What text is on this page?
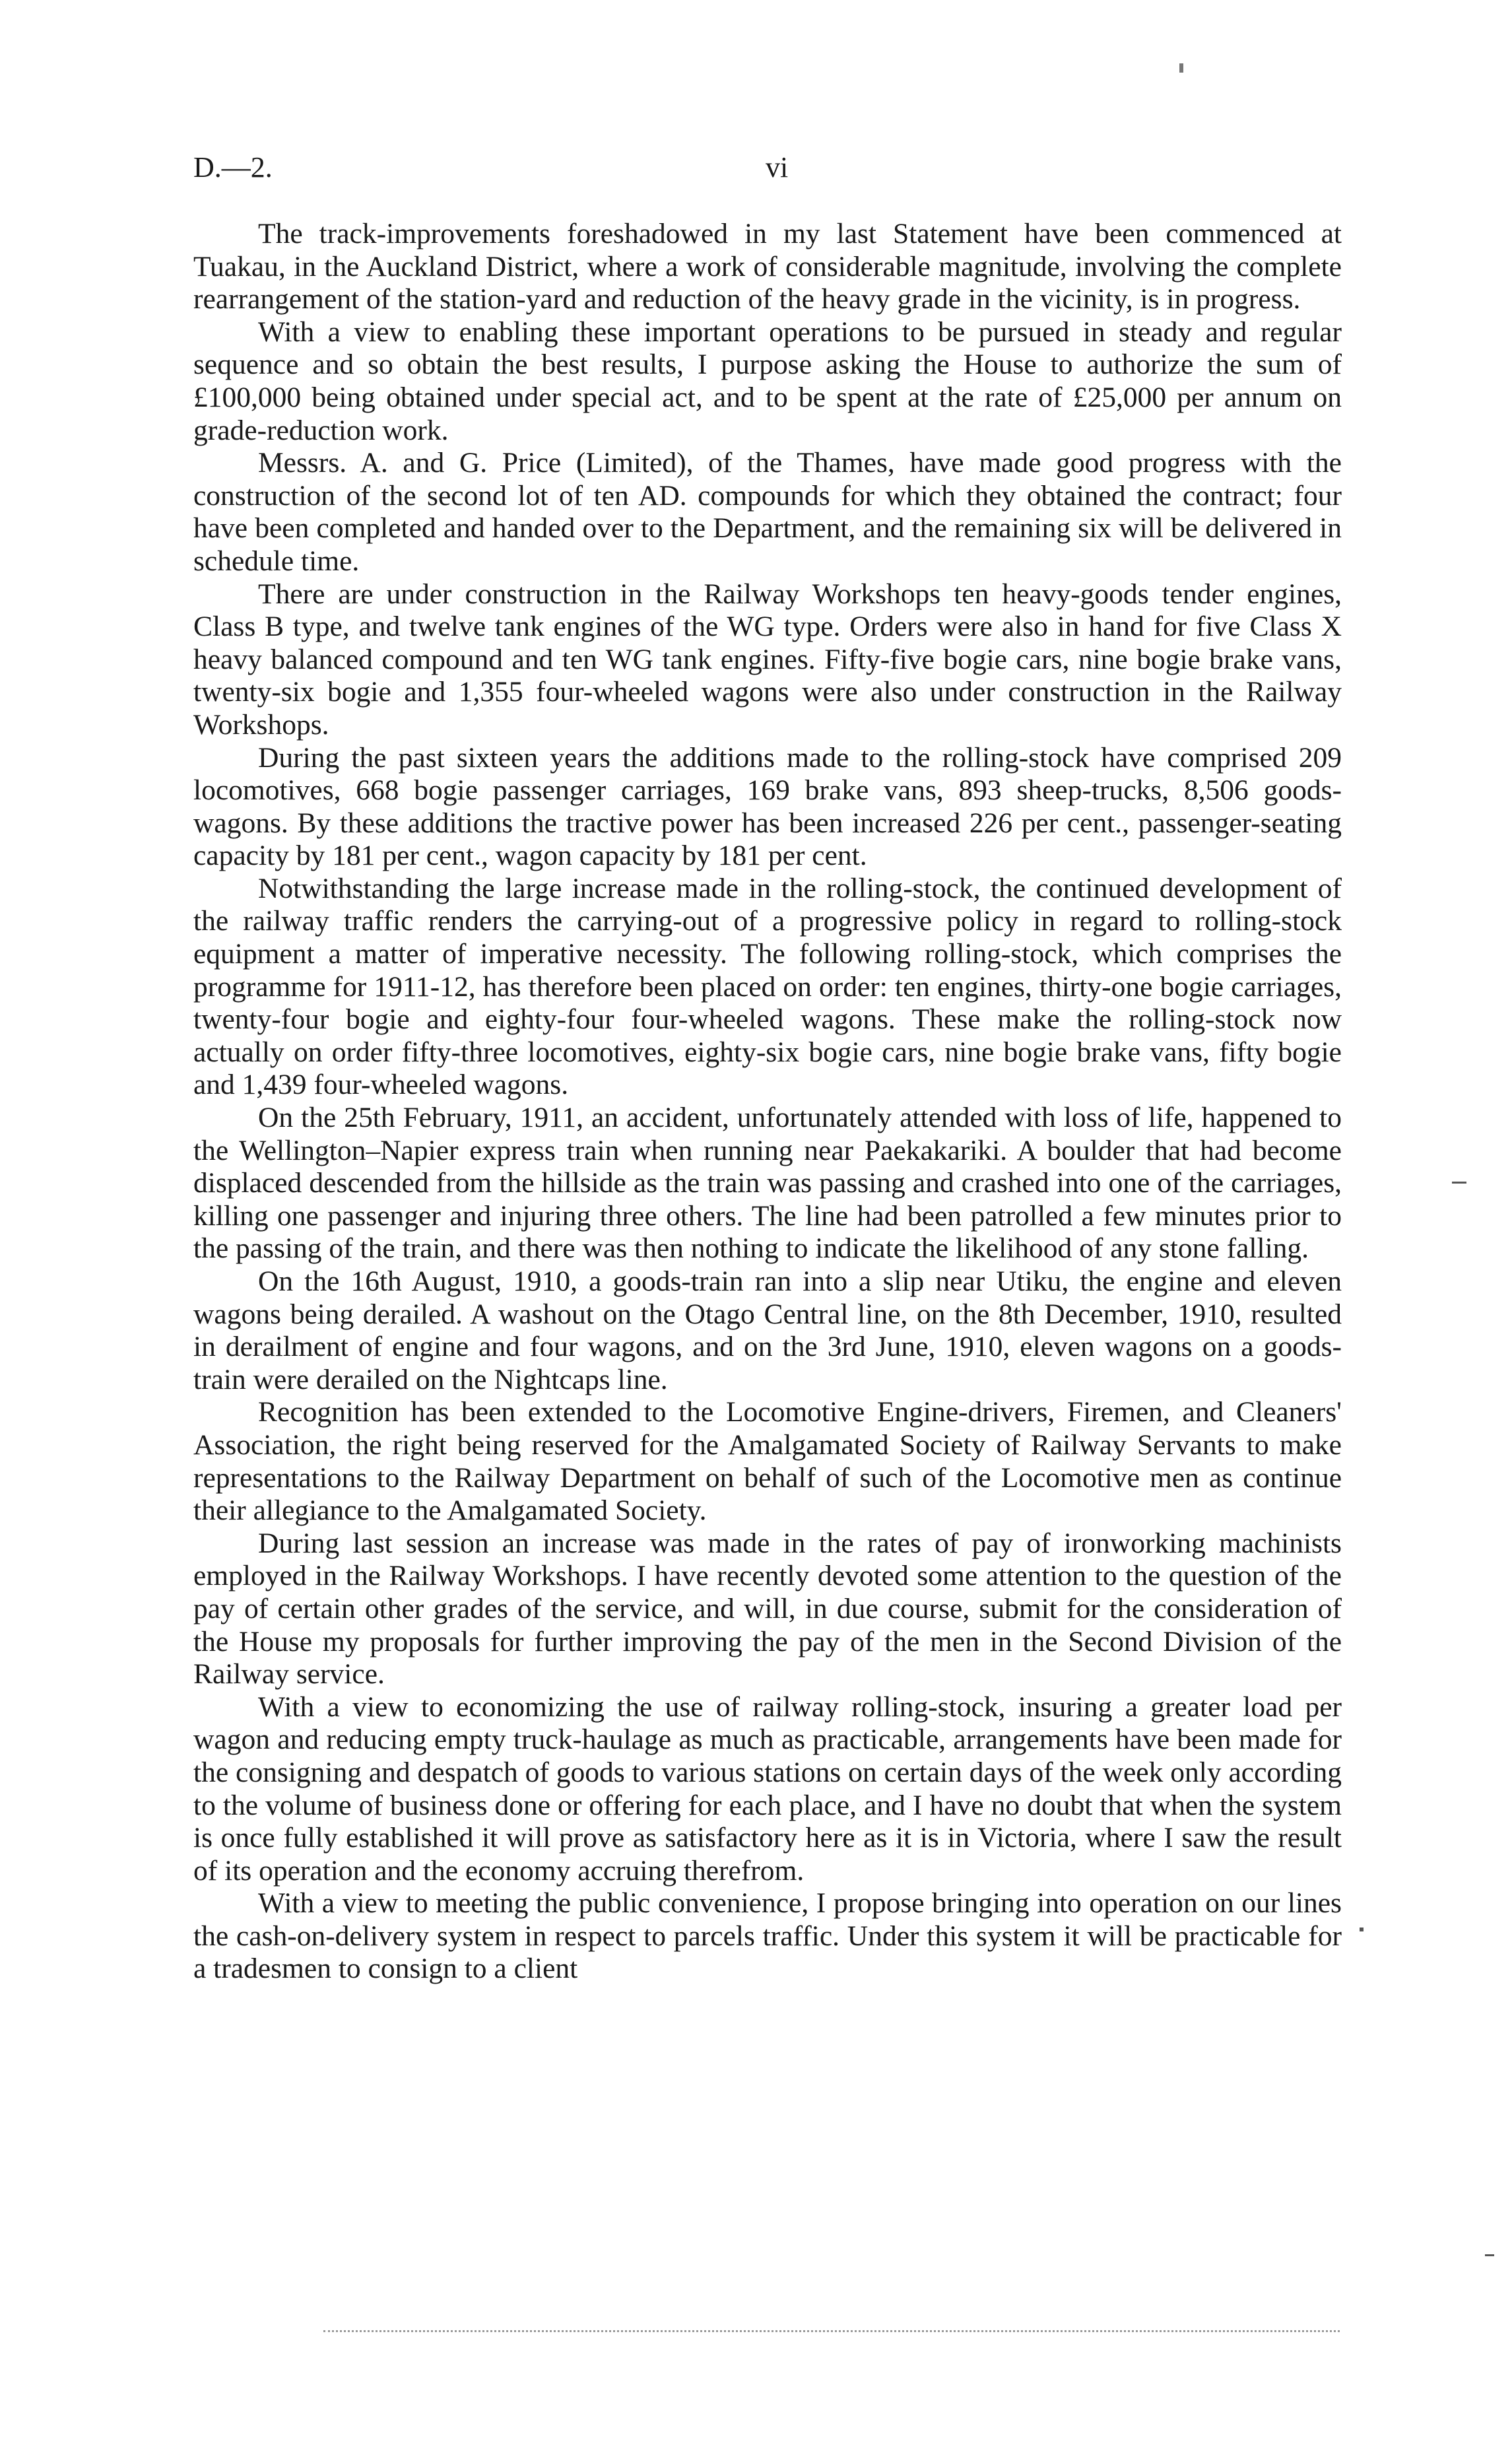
D.—2.	vi

The track-improvements foreshadowed in my last Statement have been commenced at Tuakau, in the Auckland District, where a work of considerable magnitude, involving the complete rearrangement of the station-yard and reduction of the heavy grade in the vicinity, is in progress.

With a view to enabling these important operations to be pursued in steady and regular sequence and so obtain the best results, I purpose asking the House to authorize the sum of £100,000 being obtained under special act, and to be spent at the rate of £25,000 per annum on grade-reduction work.

Messrs. A. and G. Price (Limited), of the Thames, have made good progress with the construction of the second lot of ten AD. compounds for which they obtained the contract; four have been completed and handed over to the Department, and the remaining six will be delivered in schedule time.

There are under construction in the Railway Workshops ten heavy-goods tender engines, Class B type, and twelve tank engines of the WG type. Orders were also in hand for five Class X heavy balanced compound and ten WG tank engines. Fifty-five bogie cars, nine bogie brake vans, twenty-six bogie and 1,355 four-wheeled wagons were also under construction in the Railway Workshops.

During the past sixteen years the additions made to the rolling-stock have comprised 209 locomotives, 668 bogie passenger carriages, 169 brake vans, 893 sheep-trucks, 8,506 goods-wagons. By these additions the tractive power has been increased 226 per cent., passenger-seating capacity by 181 per cent., wagon capacity by 181 per cent.

Notwithstanding the large increase made in the rolling-stock, the continued development of the railway traffic renders the carrying-out of a progressive policy in regard to rolling-stock equipment a matter of imperative necessity. The following rolling-stock, which comprises the programme for 1911-12, has therefore been placed on order: ten engines, thirty-one bogie carriages, twenty-four bogie and eighty-four four-wheeled wagons. These make the rolling-stock now actually on order fifty-three locomotives, eighty-six bogie cars, nine bogie brake vans, fifty bogie and 1,439 four-wheeled wagons.

On the 25th February, 1911, an accident, unfortunately attended with loss of life, happened to the Wellington–Napier express train when running near Paekakariki. A boulder that had become displaced descended from the hillside as the train was passing and crashed into one of the carriages, killing one passenger and injuring three others. The line had been patrolled a few minutes prior to the passing of the train, and there was then nothing to indicate the likelihood of any stone falling.

On the 16th August, 1910, a goods-train ran into a slip near Utiku, the engine and eleven wagons being derailed. A washout on the Otago Central line, on the 8th December, 1910, resulted in derailment of engine and four wagons, and on the 3rd June, 1910, eleven wagons on a goods-train were derailed on the Nightcaps line.

Recognition has been extended to the Locomotive Engine-drivers, Firemen, and Cleaners' Association, the right being reserved for the Amalgamated Society of Railway Servants to make representations to the Railway Department on behalf of such of the Locomotive men as continue their allegiance to the Amalgamated Society.

During last session an increase was made in the rates of pay of ironworking machinists employed in the Railway Workshops. I have recently devoted some attention to the question of the pay of certain other grades of the service, and will, in due course, submit for the consideration of the House my proposals for further improving the pay of the men in the Second Division of the Railway service.

With a view to economizing the use of railway rolling-stock, insuring a greater load per wagon and reducing empty truck-haulage as much as practicable, arrangements have been made for the consigning and despatch of goods to various stations on certain days of the week only according to the volume of business done or offering for each place, and I have no doubt that when the system is once fully established it will prove as satisfactory here as it is in Victoria, where I saw the result of its operation and the economy accruing therefrom.

With a view to meeting the public convenience, I propose bringing into operation on our lines the cash-on-delivery system in respect to parcels traffic. Under this system it will be practicable for a tradesmen to consign to a client
